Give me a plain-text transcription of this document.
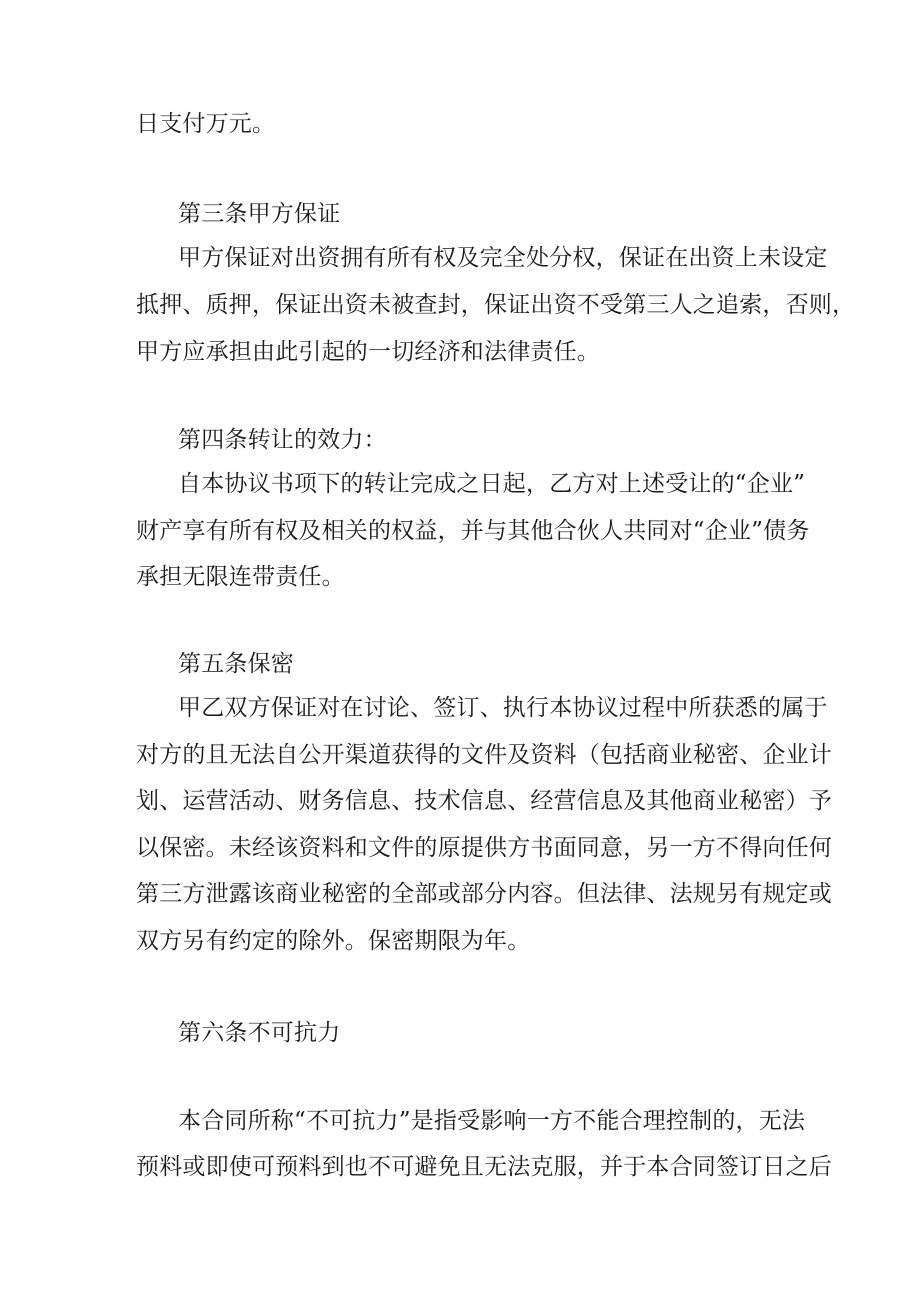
日支付万元。
第三条甲方保证
甲方保证对出资拥有所有权及完全处分权，保证在出资上未设定
抵押、质押，保证出资未被查封，保证出资不受第三人之追索，否则，
甲方应承担由此引起的一切经济和法律责任。
第四条转让的效力：
自本协议书项下的转让完成之日起，乙方对上述受让的“企业”
财产享有所有权及相关的权益，并与其他合伙人共同对“企业”债务
承担无限连带责任。
第五条保密
甲乙双方保证对在讨论、签订、执行本协议过程中所获悉的属于
对方的且无法自公开渠道获得的文件及资料（包括商业秘密、企业计
划、运营活动、财务信息、技术信息、经营信息及其他商业秘密）予
以保密。未经该资料和文件的原提供方书面同意，另一方不得向任何
第三方泄露该商业秘密的全部或部分内容。但法律、法规另有规定或
双方另有约定的除外。保密期限为年。
第六条不可抗力
本合同所称“不可抗力”是指受影响一方不能合理控制的，无法
预料或即使可预料到也不可避免且无法克服，并于本合同签订日之后
